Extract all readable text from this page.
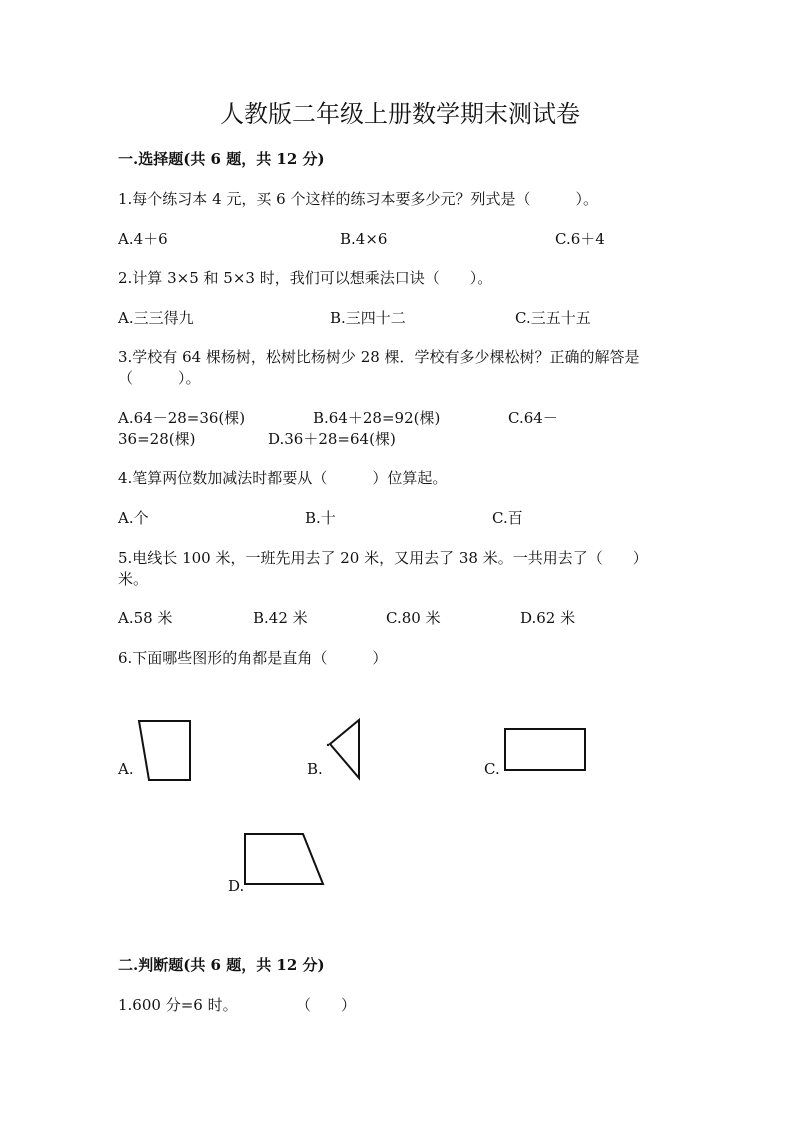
人教版二年级上册数学期末测试卷
一.选择题(共 6 题，共 12 分)
1.每个练习本 4 元，买 6 个这样的练习本要多少元？列式是（　　　）。
A.4＋6	B.4×6	C.6＋4
2.计算 3×5 和 5×3 时，我们可以想乘法口诀（　　）。
A.三三得九	B.三四十二	C.三五十五
3.学校有 64 棵杨树，松树比杨树少 28 棵．学校有多少棵松树？正确的解答是
（　　　）。
A.64－28=36(棵)	B.64＋28=92(棵)	C.64－
36=28(棵)	D.36＋28=64(棵)
4.笔算两位数加减法时都要从（　　　）位算起。
A.个	B.十	C.百
5.电线长 100 米，一班先用去了 20 米，又用去了 38 米。一共用去了（　　）
米。
A.58 米	B.42 米	C.80 米	D.62 米
6.下面哪些图形的角都是直角（　　　）
A.	B.	C.
D.
二.判断题(共 6 题，共 12 分)
1.600 分=6 时。	（　　）
